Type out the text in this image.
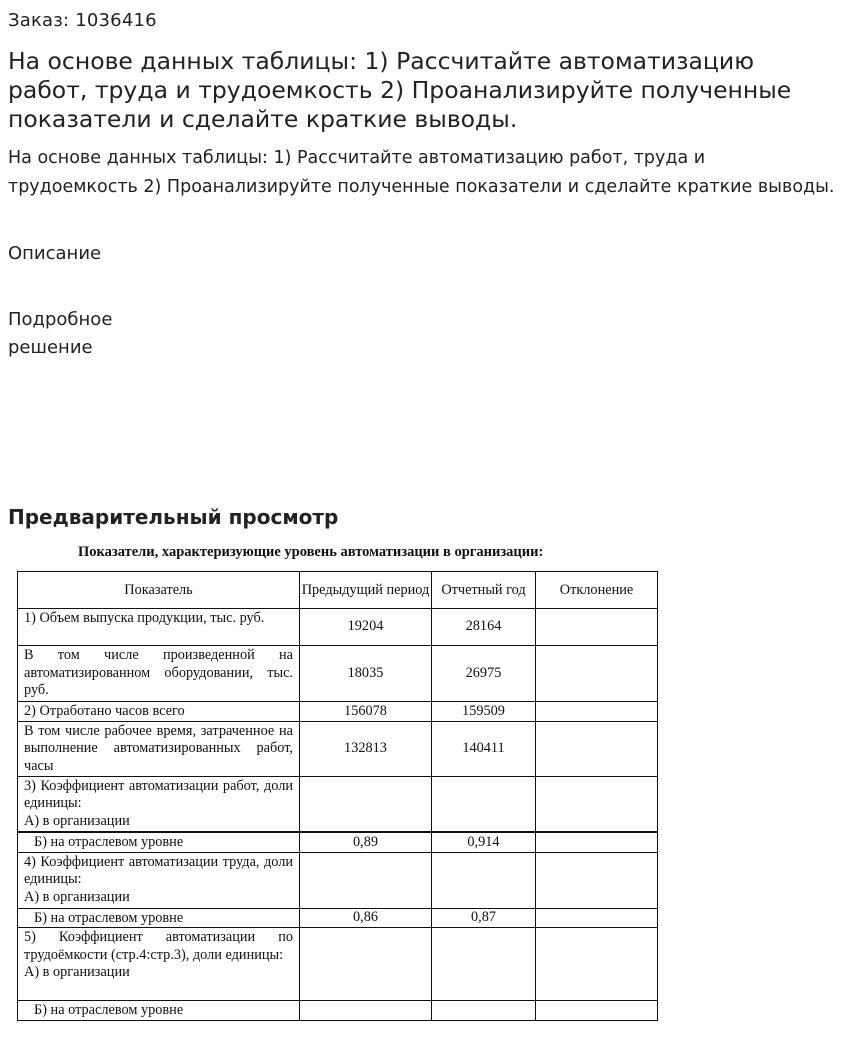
Заказ: 1036416
На основе данных таблицы: 1) Рассчитайте автоматизацию работ, труда и трудоемкость 2) Проанализируйте полученные показатели и сделайте краткие выводы.
На основе данных таблицы: 1) Рассчитайте автоматизацию работ, труда и трудоемкость 2) Проанализируйте полученные показатели и сделайте краткие выводы.
Описание
Подробное решение
Предварительный просмотр
Показатели, характеризующие уровень автоматизации в организации:
Показатель	Предыдущий период	Отчетный год	Отклонение
1) Объем выпуска продукции, тыс. руб.	19204	28164	
В том числе произведенной на автоматизированном оборудовании, тыс. руб.	18035	26975	
2) Отработано часов всего	156078	159509	
В том числе рабочее время, затраченное на выполнение автоматизированных работ, часы	132813	140411	
3) Коэффициент автоматизации работ, доли единицы:
А) в организации			
Б) на отраслевом уровне	0,89	0,914	
4) Коэффициент автоматизации труда, доли единицы:
А) в организации			
Б) на отраслевом уровне	0,86	0,87	
5) Коэффициент автоматизации по трудоёмкости (стр.4:стр.3), доли единицы:
А) в организации			
Б) на отраслевом уровне			
